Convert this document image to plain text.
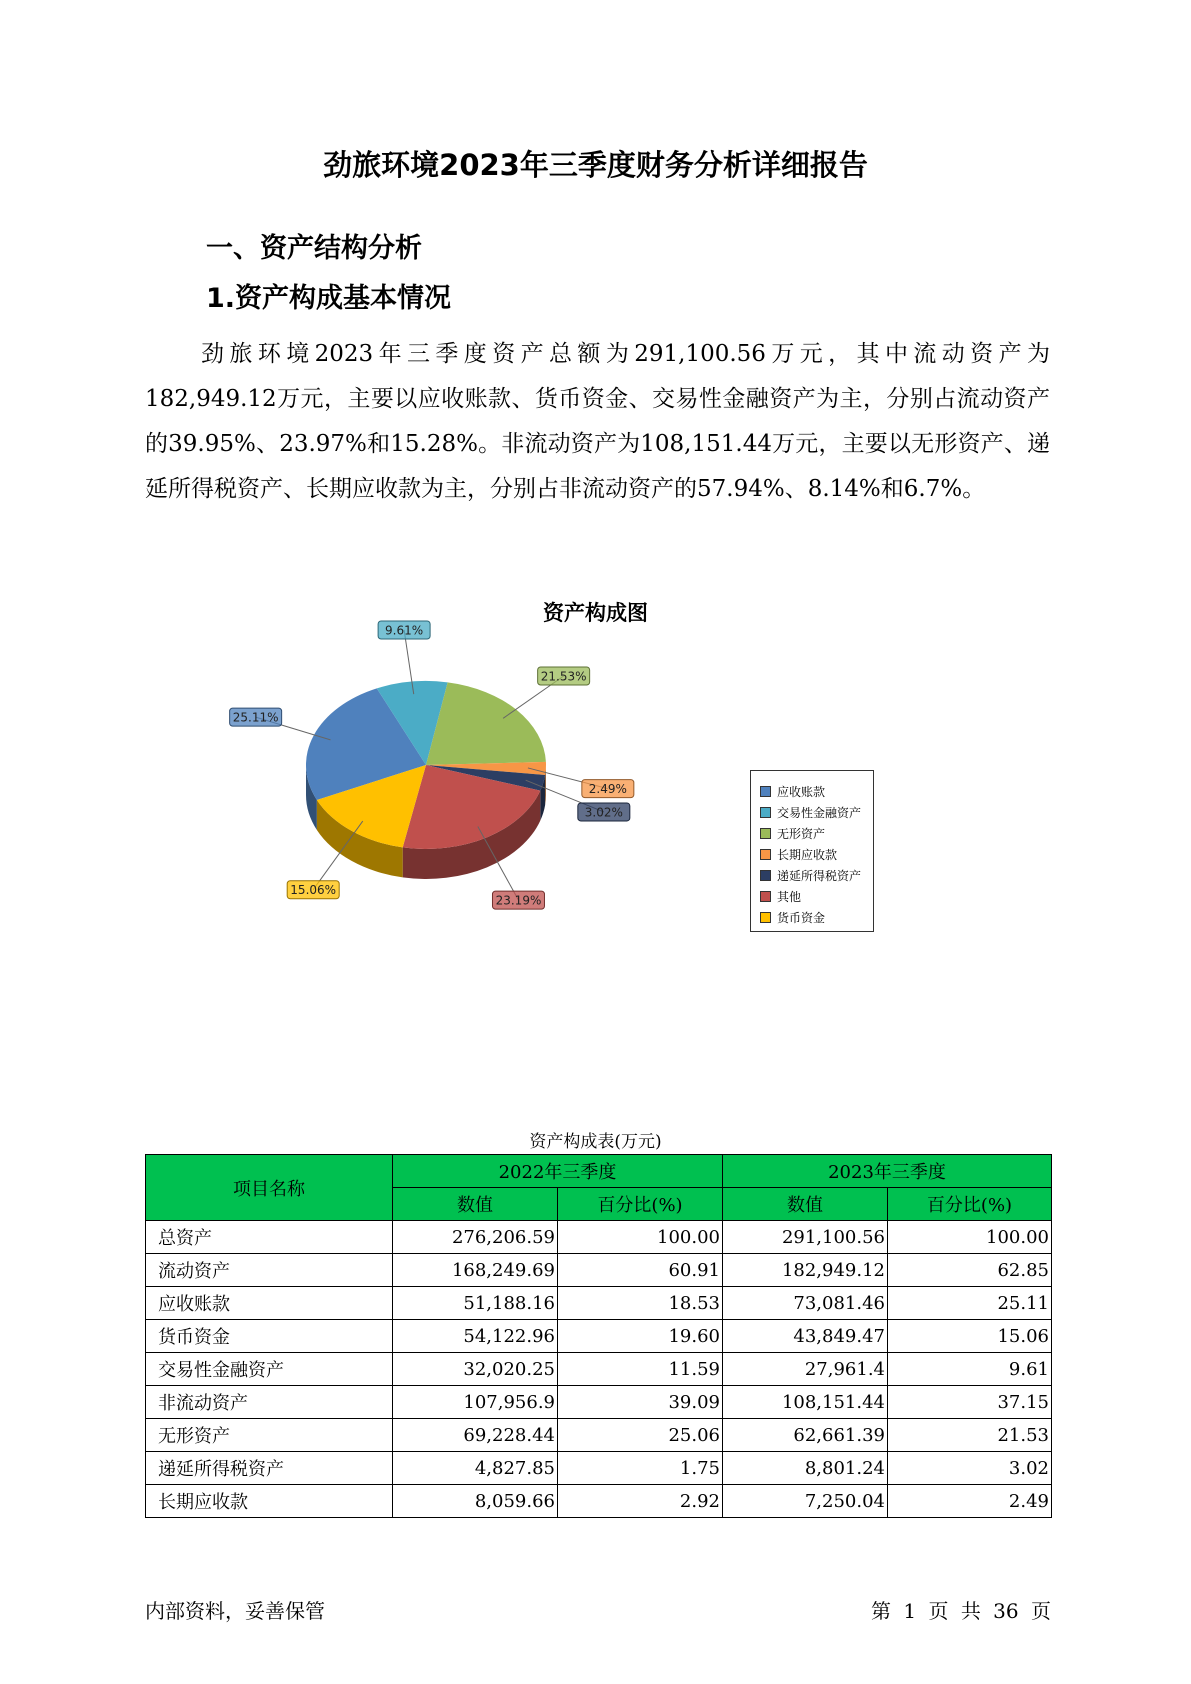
劲旅环境2023年三季度财务分析详细报告
一、资产结构分析
1.资产构成基本情况

劲旅环境2023年三季度资产总额为291,100.56万元，其中流动资产为182,949.12万元，主要以应收账款、货币资金、交易性金融资产为主，分别占流动资产的39.95%、23.97%和15.28%。非流动资产为108,151.44万元，主要以无形资产、递延所得税资产、长期应收款为主，分别占非流动资产的57.94%、8.14%和6.7%。

资产构成图
25.11%
9.61%
21.53%
2.49%
3.02%
23.19%
15.06%
应收账款
交易性金融资产
无形资产
长期应收款
递延所得税资产
其他
货币资金
资产构成表(万元)
项目名称	2022年三季度		2023年三季度	
	数值	百分比(%)	数值	百分比(%)
总资产	276,206.59	100.00	291,100.56	100.00
流动资产	168,249.69	60.91	182,949.12	62.85
应收账款	51,188.16	18.53	73,081.46	25.11
货币资金	54,122.96	19.60	43,849.47	15.06
交易性金融资产	32,020.25	11.59	27,961.4	9.61
非流动资产	107,956.9	39.09	108,151.44	37.15
无形资产	69,228.44	25.06	62,661.39	21.53
递延所得税资产	4,827.85	1.75	8,801.24	3.02
长期应收款	8,059.66	2.92	7,250.04	2.49
内部资料，妥善保管	第 1 页 共 36 页
